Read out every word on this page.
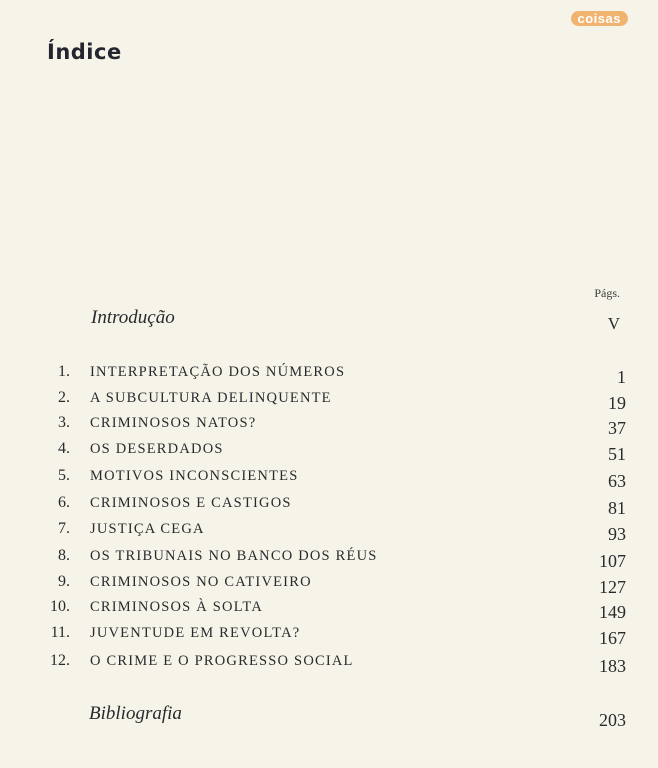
coisas
Índice
Págs.
Introdução	V
1. INTERPRETAÇÃO DOS NÚMEROS	1
2. A SUBCULTURA DELINQUENTE	19
3. CRIMINOSOS NATOS?	37
4. OS DESERDADOS	51
5. MOTIVOS INCONSCIENTES	63
6. CRIMINOSOS E CASTIGOS	81
7. JUSTIÇA CEGA	93
8. OS TRIBUNAIS NO BANCO DOS RÉUS	107
9. CRIMINOSOS NO CATIVEIRO	127
10. CRIMINOSOS À SOLTA	149
11. JUVENTUDE EM REVOLTA?	167
12. O CRIME E O PROGRESSO SOCIAL	183
Bibliografia	203
